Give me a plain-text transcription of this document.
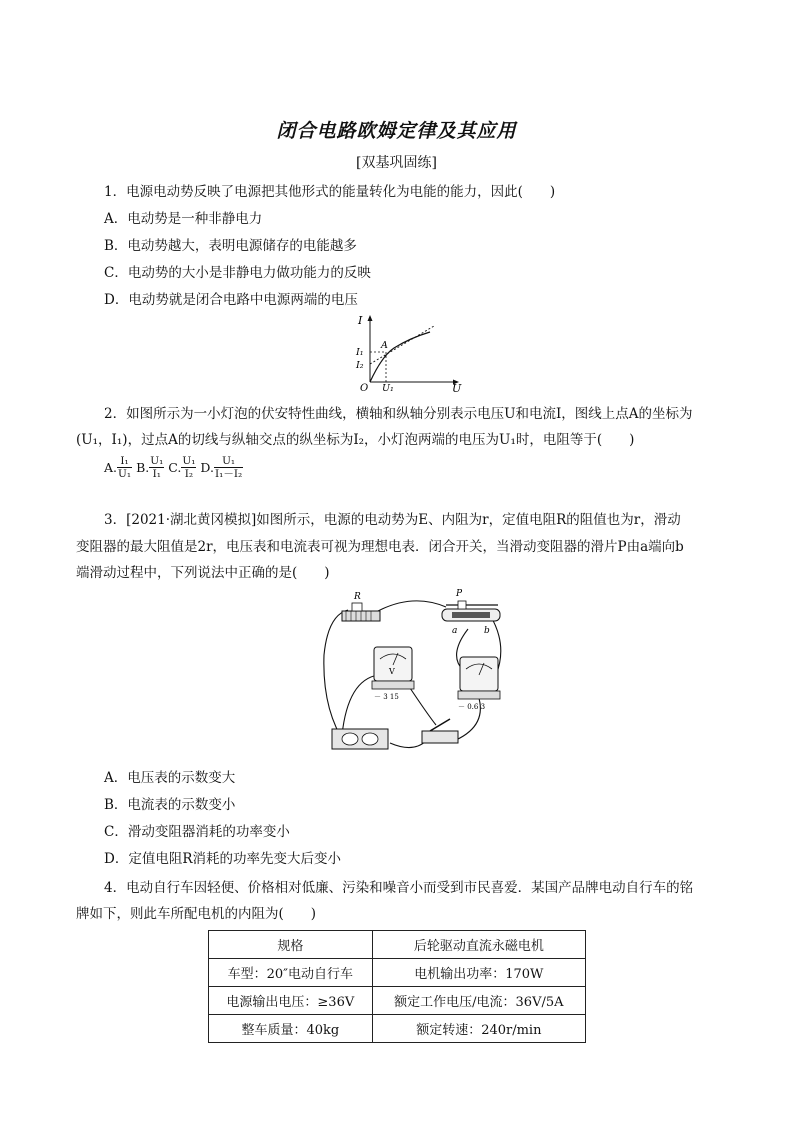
闭合电路欧姆定律及其应用
[双基巩固练]
1．电源电动势反映了电源把其他形式的能量转化为电能的能力，因此(　　)
A．电动势是一种非静电力
B．电动势越大，表明电源储存的电能越多
C．电动势的大小是非静电力做功能力的反映
D．电动势就是闭合电路中电源两端的电压
I
U
O
I₁
I₂
U₁
A
2．如图所示为一小灯泡的伏安特性曲线，横轴和纵轴分别表示电压U和电流I，图线上点A的坐标为
(U₁，I₁)，过点A的切线与纵轴交点的纵坐标为I₂，小灯泡两端的电压为U₁时，电阻等于(　　)
A. $\frac{\text{I₁}}{\text{U₁}} B$. $\frac{\text{U₁}}{\text{I₁}} C$. $\frac{\text{U₁}}{\text{I₂}} D$. $\frac{\text{U₁}}{\text{I₁－I₂}}$
3．[2021·湖北黄冈模拟]如图所示，电源的电动势为E、内阻为r，定值电阻R的阻值也为r，滑动
变阻器的最大阻值是2r，电压表和电流表可视为理想电表．闭合开关，当滑动变阻器的滑片P由a端向b
端滑动过程中，下列说法中正确的是(　　)
R	P
a	b
V
－ 3 15
－ 0.6 3
A．电压表的示数变大
B．电流表的示数变小
C．滑动变阻器消耗的功率变小
D．定值电阻R消耗的功率先变大后变小
4．电动自行车因轻便、价格相对低廉、污染和噪音小而受到市民喜爱．某国产品牌电动自行车的铭
牌如下，则此车所配电机的内阻为(　　)
规格	后轮驱动直流永磁电机
车型：20″电动自行车	电机输出功率：170W
电源输出电压：≥36V	额定工作电压/电流：36V/5A
整车质量：40kg	额定转速：240r/min
